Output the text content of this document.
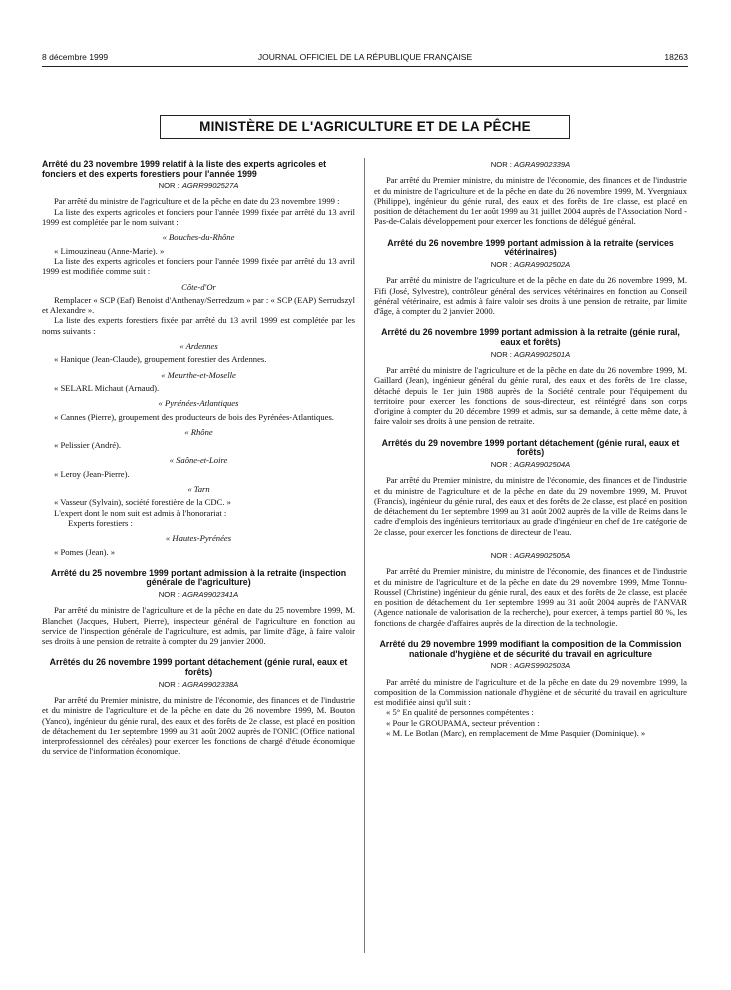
8 décembre 1999	JOURNAL OFFICIEL DE LA RÉPUBLIQUE FRANÇAISE	18263
MINISTÈRE DE L'AGRICULTURE ET DE LA PÊCHE
Arrêté du 23 novembre 1999 relatif à la liste des experts agricoles et fonciers et des experts forestiers pour l'année 1999
NOR : AGRR9902527A

Par arrêté du ministre de l'agriculture et de la pêche en date du 23 novembre 1999 :

La liste des experts agricoles et fonciers pour l'année 1999 fixée par arrêté du 13 avril 1999 est complétée par le nom suivant :

« Bouches-du-Rhône

« Limouzineau (Anne-Marie). »

La liste des experts agricoles et fonciers pour l'année 1999 fixée par arrêté du 13 avril 1999 est modifiée comme suit :

Côte-d'Or

Remplacer « SCP (Eaf) Benoist d'Anthenay/Serredzum » par : « SCP (EAP) Serrudszyl et Alexandre ».

La liste des experts forestiers fixée par arrêté du 13 avril 1999 est complétée par les noms suivants :

« Ardennes

« Hanique (Jean-Claude), groupement forestier des Ardennes.

« Meurthe-et-Moselle

« SELARL Michaut (Arnaud).

« Pyrénées-Atlantiques

« Cannes (Pierre), groupement des producteurs de bois des Pyrénées-Atlantiques.

« Rhône

« Pelissier (André).

« Saône-et-Loire

« Leroy (Jean-Pierre).

« Tarn

« Vasseur (Sylvain), société forestière de la CDC. »

L'expert dont le nom suit est admis à l'honorariat :

Experts forestiers :

« Hautes-Pyrénées

« Pomes (Jean). »

Arrêté du 25 novembre 1999 portant admission à la retraite (inspection générale de l'agriculture)
NOR : AGRA9902341A

Par arrêté du ministre de l'agriculture et de la pêche en date du 25 novembre 1999, M. Blanchet (Jacques, Hubert, Pierre), inspecteur général de l'agriculture en fonction au service de l'inspection générale de l'agriculture, est admis, par limite d'âge, à faire valoir ses droits à une pension de retraite à compter du 29 janvier 2000.

Arrêtés du 26 novembre 1999 portant détachement (génie rural, eaux et forêts)
NOR : AGRA9902338A

Par arrêté du Premier ministre, du ministre de l'économie, des finances et de l'industrie et du ministre de l'agriculture et de la pêche en date du 26 novembre 1999, M. Bouton (Yanco), ingénieur du génie rural, des eaux et des forêts de 2e classe, est placé en position de détachement du 1er septembre 1999 au 31 août 2002 auprès de l'ONIC (Office national interprofessionnel des céréales) pour exercer les fonctions de chargé d'étude économique du service de l'information économique.

NOR : AGRA9902339A

Par arrêté du Premier ministre, du ministre de l'économie, des finances et de l'industrie et du ministre de l'agriculture et de la pêche en date du 26 novembre 1999, M. Yvergniaux (Philippe), ingénieur du génie rural, des eaux et des forêts de 1re classe, est placé en position de détachement du 1er août 1999 au 31 juillet 2004 auprès de l'Association Nord - Pas-de-Calais développement pour exercer les fonctions de délégué général.

Arrêté du 26 novembre 1999 portant admission à la retraite (services vétérinaires)
NOR : AGRA9902502A

Par arrêté du ministre de l'agriculture et de la pêche en date du 26 novembre 1999, M. Fifi (José, Sylvestre), contrôleur général des services vétérinaires en fonction au Conseil général vétérinaire, est admis à faire valoir ses droits à une pension de retraite, par limite d'âge, à compter du 2 janvier 2000.

Arrêté du 26 novembre 1999 portant admission à la retraite (génie rural, eaux et forêts)
NOR : AGRA9902501A

Par arrêté du ministre de l'agriculture et de la pêche en date du 26 novembre 1999, M. Gaillard (Jean), ingénieur général du génie rural, des eaux et des forêts de 1re classe, détaché depuis le 1er juin 1988 auprès de la Société centrale pour l'équipement du territoire pour exercer les fonctions de sous-directeur, est réintégré dans son corps d'origine à compter du 20 décembre 1999 et admis, sur sa demande, à cette même date, à faire valoir ses droits à une pension de retraite.

Arrêtés du 29 novembre 1999 portant détachement (génie rural, eaux et forêts)
NOR : AGRA9902504A

Par arrêté du Premier ministre, du ministre de l'économie, des finances et de l'industrie et du ministre de l'agriculture et de la pêche en date du 29 novembre 1999, M. Pruvot (Francis), ingénieur du génie rural, des eaux et des forêts de 2e classe, est placé en position de détachement du 1er septembre 1999 au 31 août 2002 auprès de la ville de Reims dans le cadre d'emplois des ingénieurs territoriaux au grade d'ingénieur en chef de 1re catégorie de 2e classe, pour exercer les fonctions de directeur de l'eau.

NOR : AGRA9902505A

Par arrêté du Premier ministre, du ministre de l'économie, des finances et de l'industrie et du ministre de l'agriculture et de la pêche en date du 29 novembre 1999, Mme Tonnu-Roussel (Christine) ingénieur du génie rural, des eaux et des forêts de 2e classe, est placée en position de détachement du 1er septembre 1999 au 31 août 2004 auprès de l'ANVAR (Agence nationale de valorisation de la recherche), pour exercer, à temps partiel 80 %, les fonctions de chargée d'affaires auprès de la direction de la technologie.

Arrêté du 29 novembre 1999 modifiant la composition de la Commission nationale d'hygiène et de sécurité du travail en agriculture
NOR : AGRS9902503A

Par arrêté du ministre de l'agriculture et de la pêche en date du 29 novembre 1999, la composition de la Commission nationale d'hygiène et de sécurité du travail en agriculture est modifiée ainsi qu'il suit :

« 5° En qualité de personnes compétentes :

« Pour le GROUPAMA, secteur prévention :

« M. Le Botlan (Marc), en remplacement de Mme Pasquier (Dominique). »
